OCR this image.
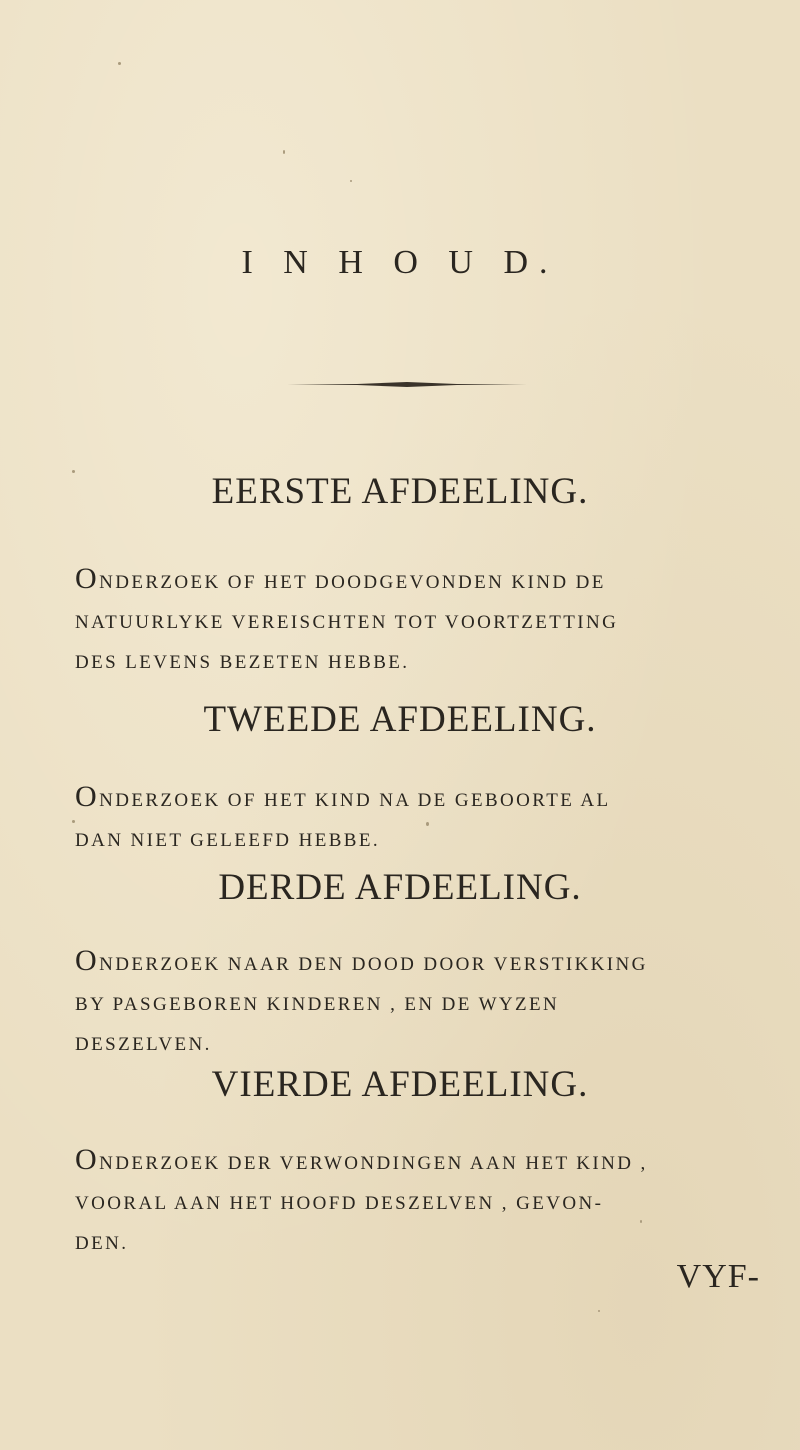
I N H O U D.
EERSTE AFDEELING.
ONDERZOEK OF HET DOODGEVONDEN KIND DE
NATUURLYKE VEREISCHTEN TOT VOORTZETTING
DES LEVENS BEZETEN HEBBE.
TWEEDE AFDEELING.
ONDERZOEK OF HET KIND NA DE GEBOORTE AL
DAN NIET GELEEFD HEBBE.
DERDE AFDEELING.
ONDERZOEK NAAR DEN DOOD DOOR VERSTIKKING
BY PASGEBOREN KINDEREN , EN DE WYZEN
DESZELVEN.
VIERDE AFDEELING.
ONDERZOEK DER VERWONDINGEN AAN HET KIND ,
VOORAL AAN HET HOOFD DESZELVEN , GEVON-
DEN.
VYF-
